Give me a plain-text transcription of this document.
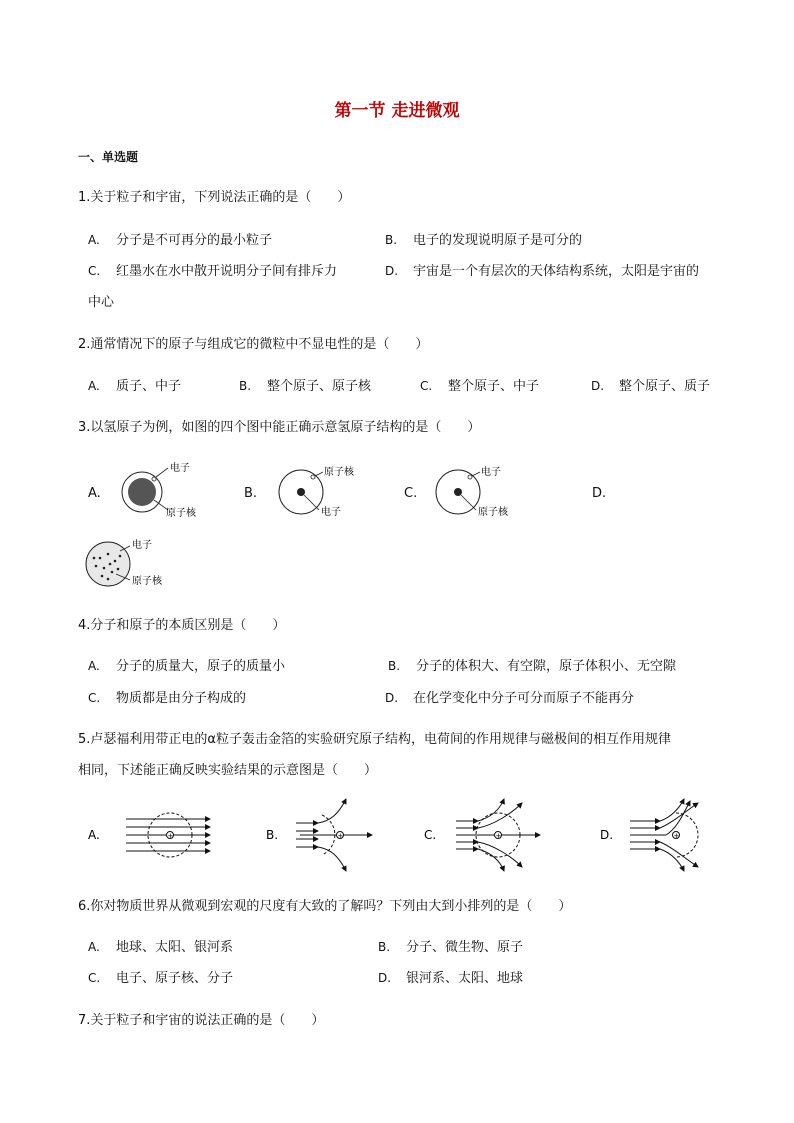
第一节 走进微观
一、单选题
1.关于粒子和宇宙，下列说法正确的是（　　）
A. 分子是不可再分的最小粒子	B. 电子的发现说明原子是可分的
C. 红墨水在水中散开说明分子间有排斥力	D. 宇宙是一个有层次的天体结构系统，太阳是宇宙的
中心
2.通常情况下的原子与组成它的微粒中不显电性的是（　　）
A. 质子、中子	B. 整个原子、原子核	C. 整个原子、中子	D. 整个原子、质子
3.以氢原子为例，如图的四个图中能正确示意氢原子结构的是（　　）
A.
电子
原子核
B.
原子核
电子
C.
电子
原子核
D.
电子
原子核
4.分子和原子的本质区别是（　　）
A. 分子的质量大，原子的质量小	B. 分子的体积大、有空隙，原子体积小、无空隙
C. 物质都是由分子构成的	D. 在化学变化中分子可分而原子不能再分
5.卢瑟福利用带正电的α粒子轰击金箔的实验研究原子结构，电荷间的作用规律与磁极间的相互作用规律
相同，下述能正确反映实验结果的示意图是（　　）
A.	+	B.	+	C.	+	D.	+
6.你对物质世界从微观到宏观的尺度有大致的了解吗？下列由大到小排列的是（　　）
A. 地球、太阳、银河系	B. 分子、微生物、原子
C. 电子、原子核、分子	D. 银河系、太阳、地球
7.关于粒子和宇宙的说法正确的是（　　）
